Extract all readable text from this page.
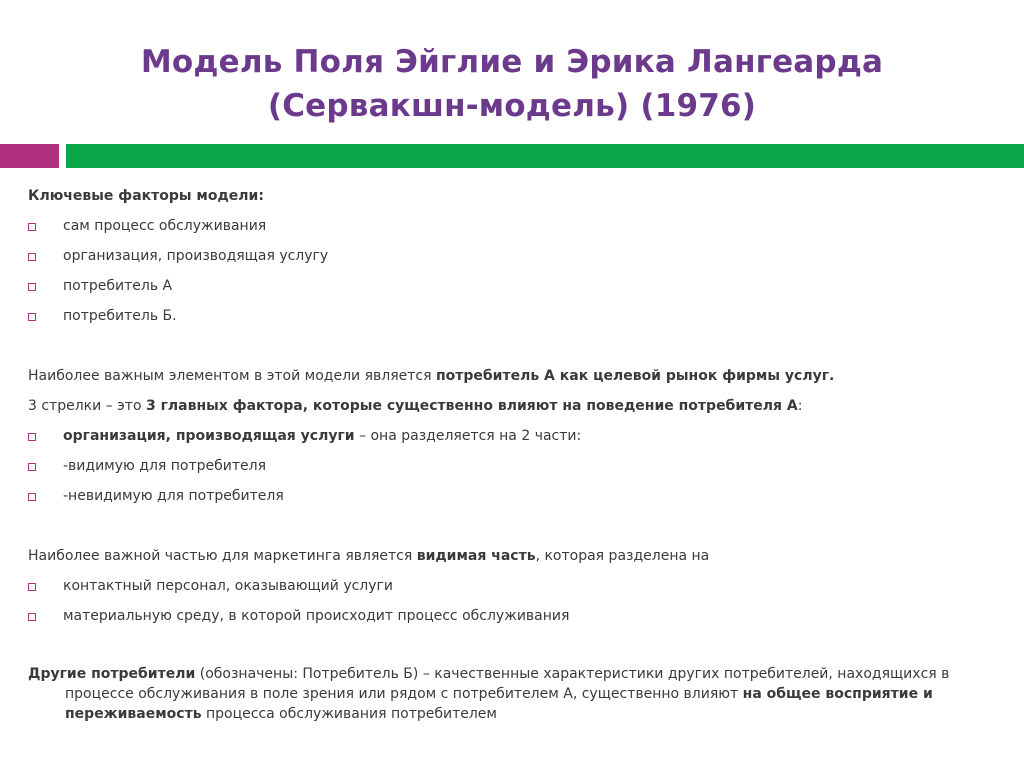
Модель Поля Эйглие и Эрика Лангеарда
(Сервакшн-модель) (1976)

Ключевые факторы модели:

сам процесс обслуживания

организация, производящая услугу

потребитель А

потребитель Б.

Наиболее важным элементом в этой модели является потребитель А как целевой рынок фирмы услуг.

3 стрелки – это 3 главных фактора, которые существенно влияют на поведение потребителя А:

организация, производящая услуги – она разделяется на 2 части:

-видимую для потребителя

-невидимую для потребителя

Наиболее важной частью для маркетинга является видимая часть, которая разделена на

контактный персонал, оказывающий услуги

материальную среду, в которой происходит процесс обслуживания

Другие потребители (обозначены: Потребитель Б) – качественные характеристики других потребителей, находящихся в процессе обслуживания в поле зрения или рядом с потребителем А, существенно влияют на общее восприятие и переживаемость процесса обслуживания потребителем
